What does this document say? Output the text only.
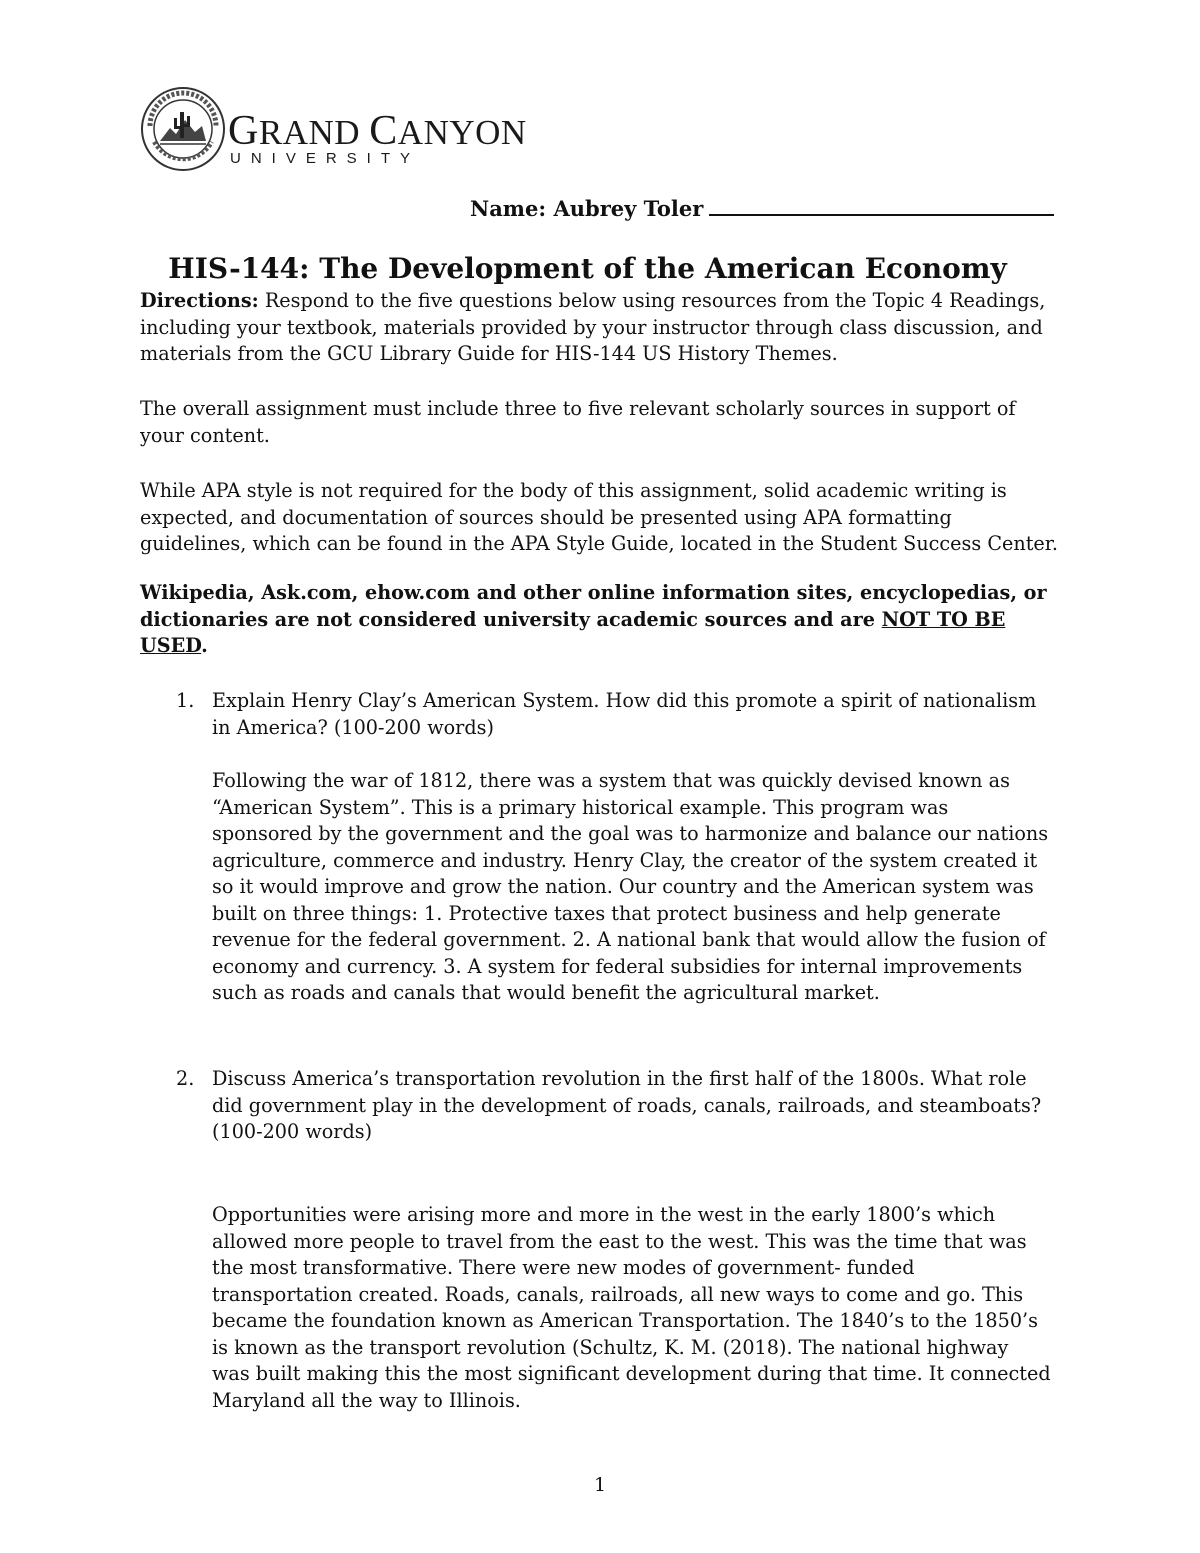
GRAND CANYON
UNIVERSITY
Name: Aubrey Toler
HIS-144: The Development of the American Economy
Directions: Respond to the five questions below using resources from the Topic 4 Readings, including your textbook, materials provided by your instructor through class discussion, and materials from the GCU Library Guide for HIS-144 US History Themes.
The overall assignment must include three to five relevant scholarly sources in support of your content.
While APA style is not required for the body of this assignment, solid academic writing is expected, and documentation of sources should be presented using APA formatting guidelines, which can be found in the APA Style Guide, located in the Student Success Center.
Wikipedia, Ask.com, ehow.com and other online information sites, encyclopedias, or dictionaries are not considered university academic sources and are NOT TO BE USED.
1. Explain Henry Clay’s American System. How did this promote a spirit of nationalism in America? (100-200 words)
Following the war of 1812, there was a system that was quickly devised known as “American System”. This is a primary historical example. This program was sponsored by the government and the goal was to harmonize and balance our nations agriculture, commerce and industry. Henry Clay, the creator of the system created it so it would improve and grow the nation. Our country and the American system was built on three things: 1. Protective taxes that protect business and help generate revenue for the federal government. 2. A national bank that would allow the fusion of economy and currency. 3. A system for federal subsidies for internal improvements such as roads and canals that would benefit the agricultural market.
2. Discuss America’s transportation revolution in the first half of the 1800s. What role did government play in the development of roads, canals, railroads, and steamboats? (100-200 words)
Opportunities were arising more and more in the west in the early 1800’s which allowed more people to travel from the east to the west. This was the time that was the most transformative. There were new modes of government- funded transportation created. Roads, canals, railroads, all new ways to come and go. This became the foundation known as American Transportation. The 1840’s to the 1850’s is known as the transport revolution (Schultz, K. M. (2018). The national highway was built making this the most significant development during that time. It connected Maryland all the way to Illinois.
1
